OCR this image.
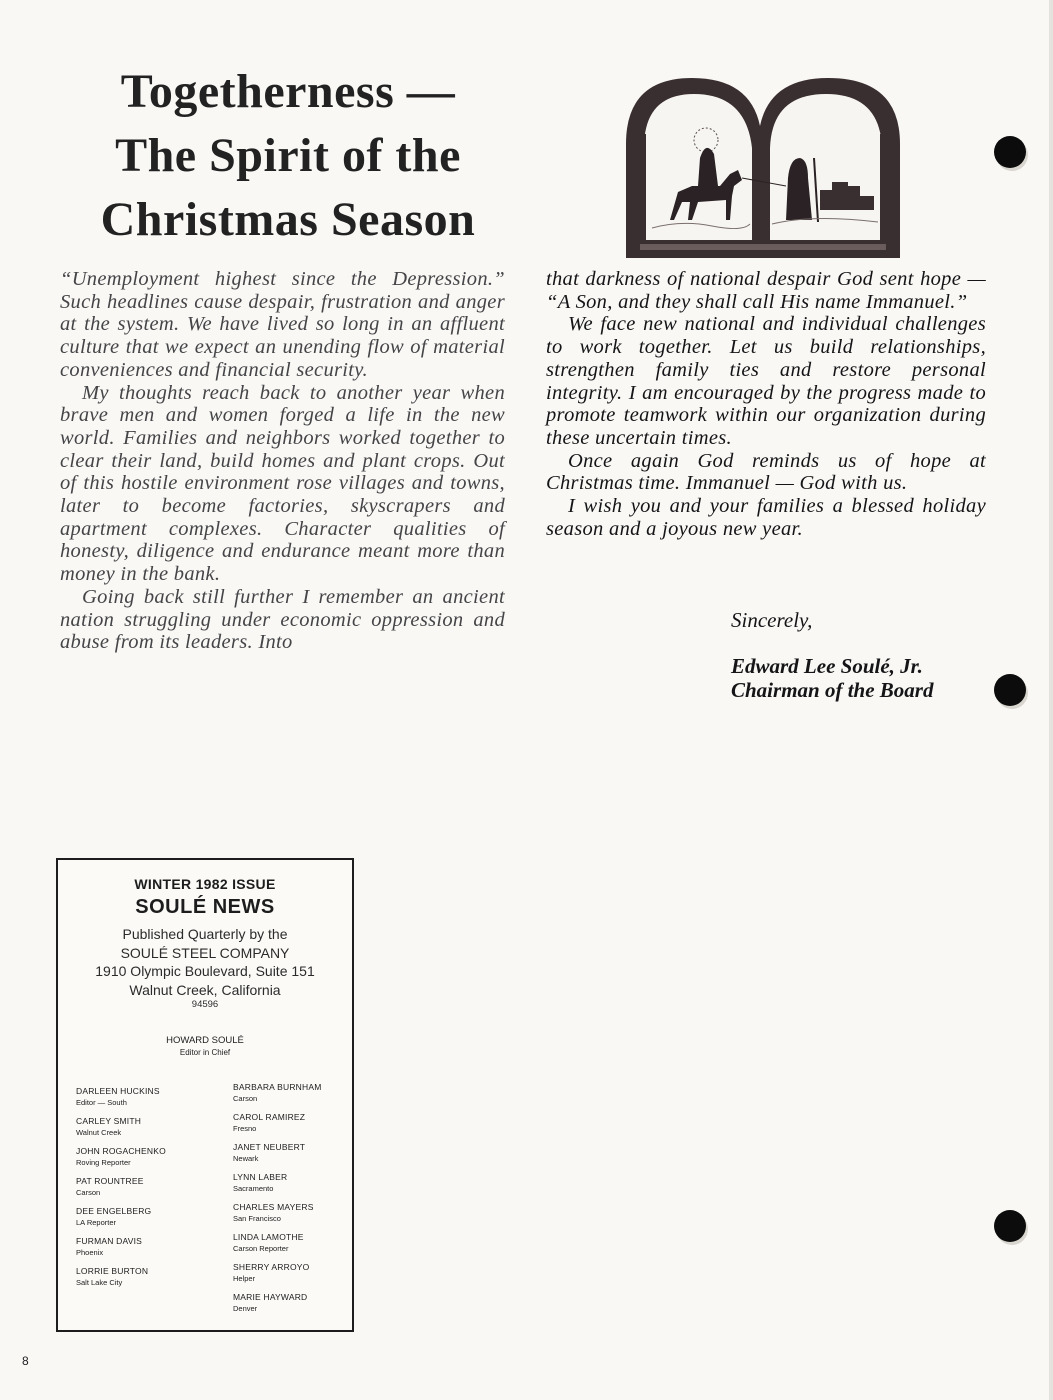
Togetherness —
The Spirit of the
Christmas Season

“Unemployment highest since the Depression.” Such headlines cause despair, frustration and anger at the system. We have lived so long in an affluent culture that we expect an unending flow of material conveniences and financial security.

My thoughts reach back to another year when brave men and women forged a life in the new world. Families and neighbors worked together to clear their land, build homes and plant crops. Out of this hostile environment rose villages and towns, later to become factories, skyscrapers and apartment complexes. Character qualities of honesty, diligence and endurance meant more than money in the bank.

Going back still further I remember an ancient nation struggling under economic oppression and abuse from its leaders. Into

that darkness of national despair God sent hope — “A Son, and they shall call His name Immanuel.”

We face new national and individual challenges to work together. Let us build relationships, strengthen family ties and restore personal integrity. I am encouraged by the progress made to promote teamwork within our organization during these uncertain times.

Once again God reminds us of hope at Christmas time. Immanuel — God with us.

I wish you and your families a blessed holiday season and a joyous new year.

Sincerely,
Edward Lee Soulé, Jr.
Chairman of the Board
WINTER 1982 ISSUE
SOULÉ NEWS
Published Quarterly by the
SOULÉ STEEL COMPANY
1910 Olympic Boulevard, Suite 151
Walnut Creek, California
94596
HOWARD SOULÉ
Editor in Chief
DARLEEN HUCKINS
Editor — South
CARLEY SMITH
Walnut Creek
JOHN ROGACHENKO
Roving Reporter
PAT ROUNTREE
Carson
DEE ENGELBERG
LA Reporter
FURMAN DAVIS
Phoenix
LORRIE BURTON
Salt Lake City
BARBARA BURNHAM
Carson
CAROL RAMIREZ
Fresno
JANET NEUBERT
Newark
LYNN LABER
Sacramento
CHARLES MAYERS
San Francisco
LINDA LAMOTHE
Carson Reporter
SHERRY ARROYO
Helper
MARIE HAYWARD
Denver
8
